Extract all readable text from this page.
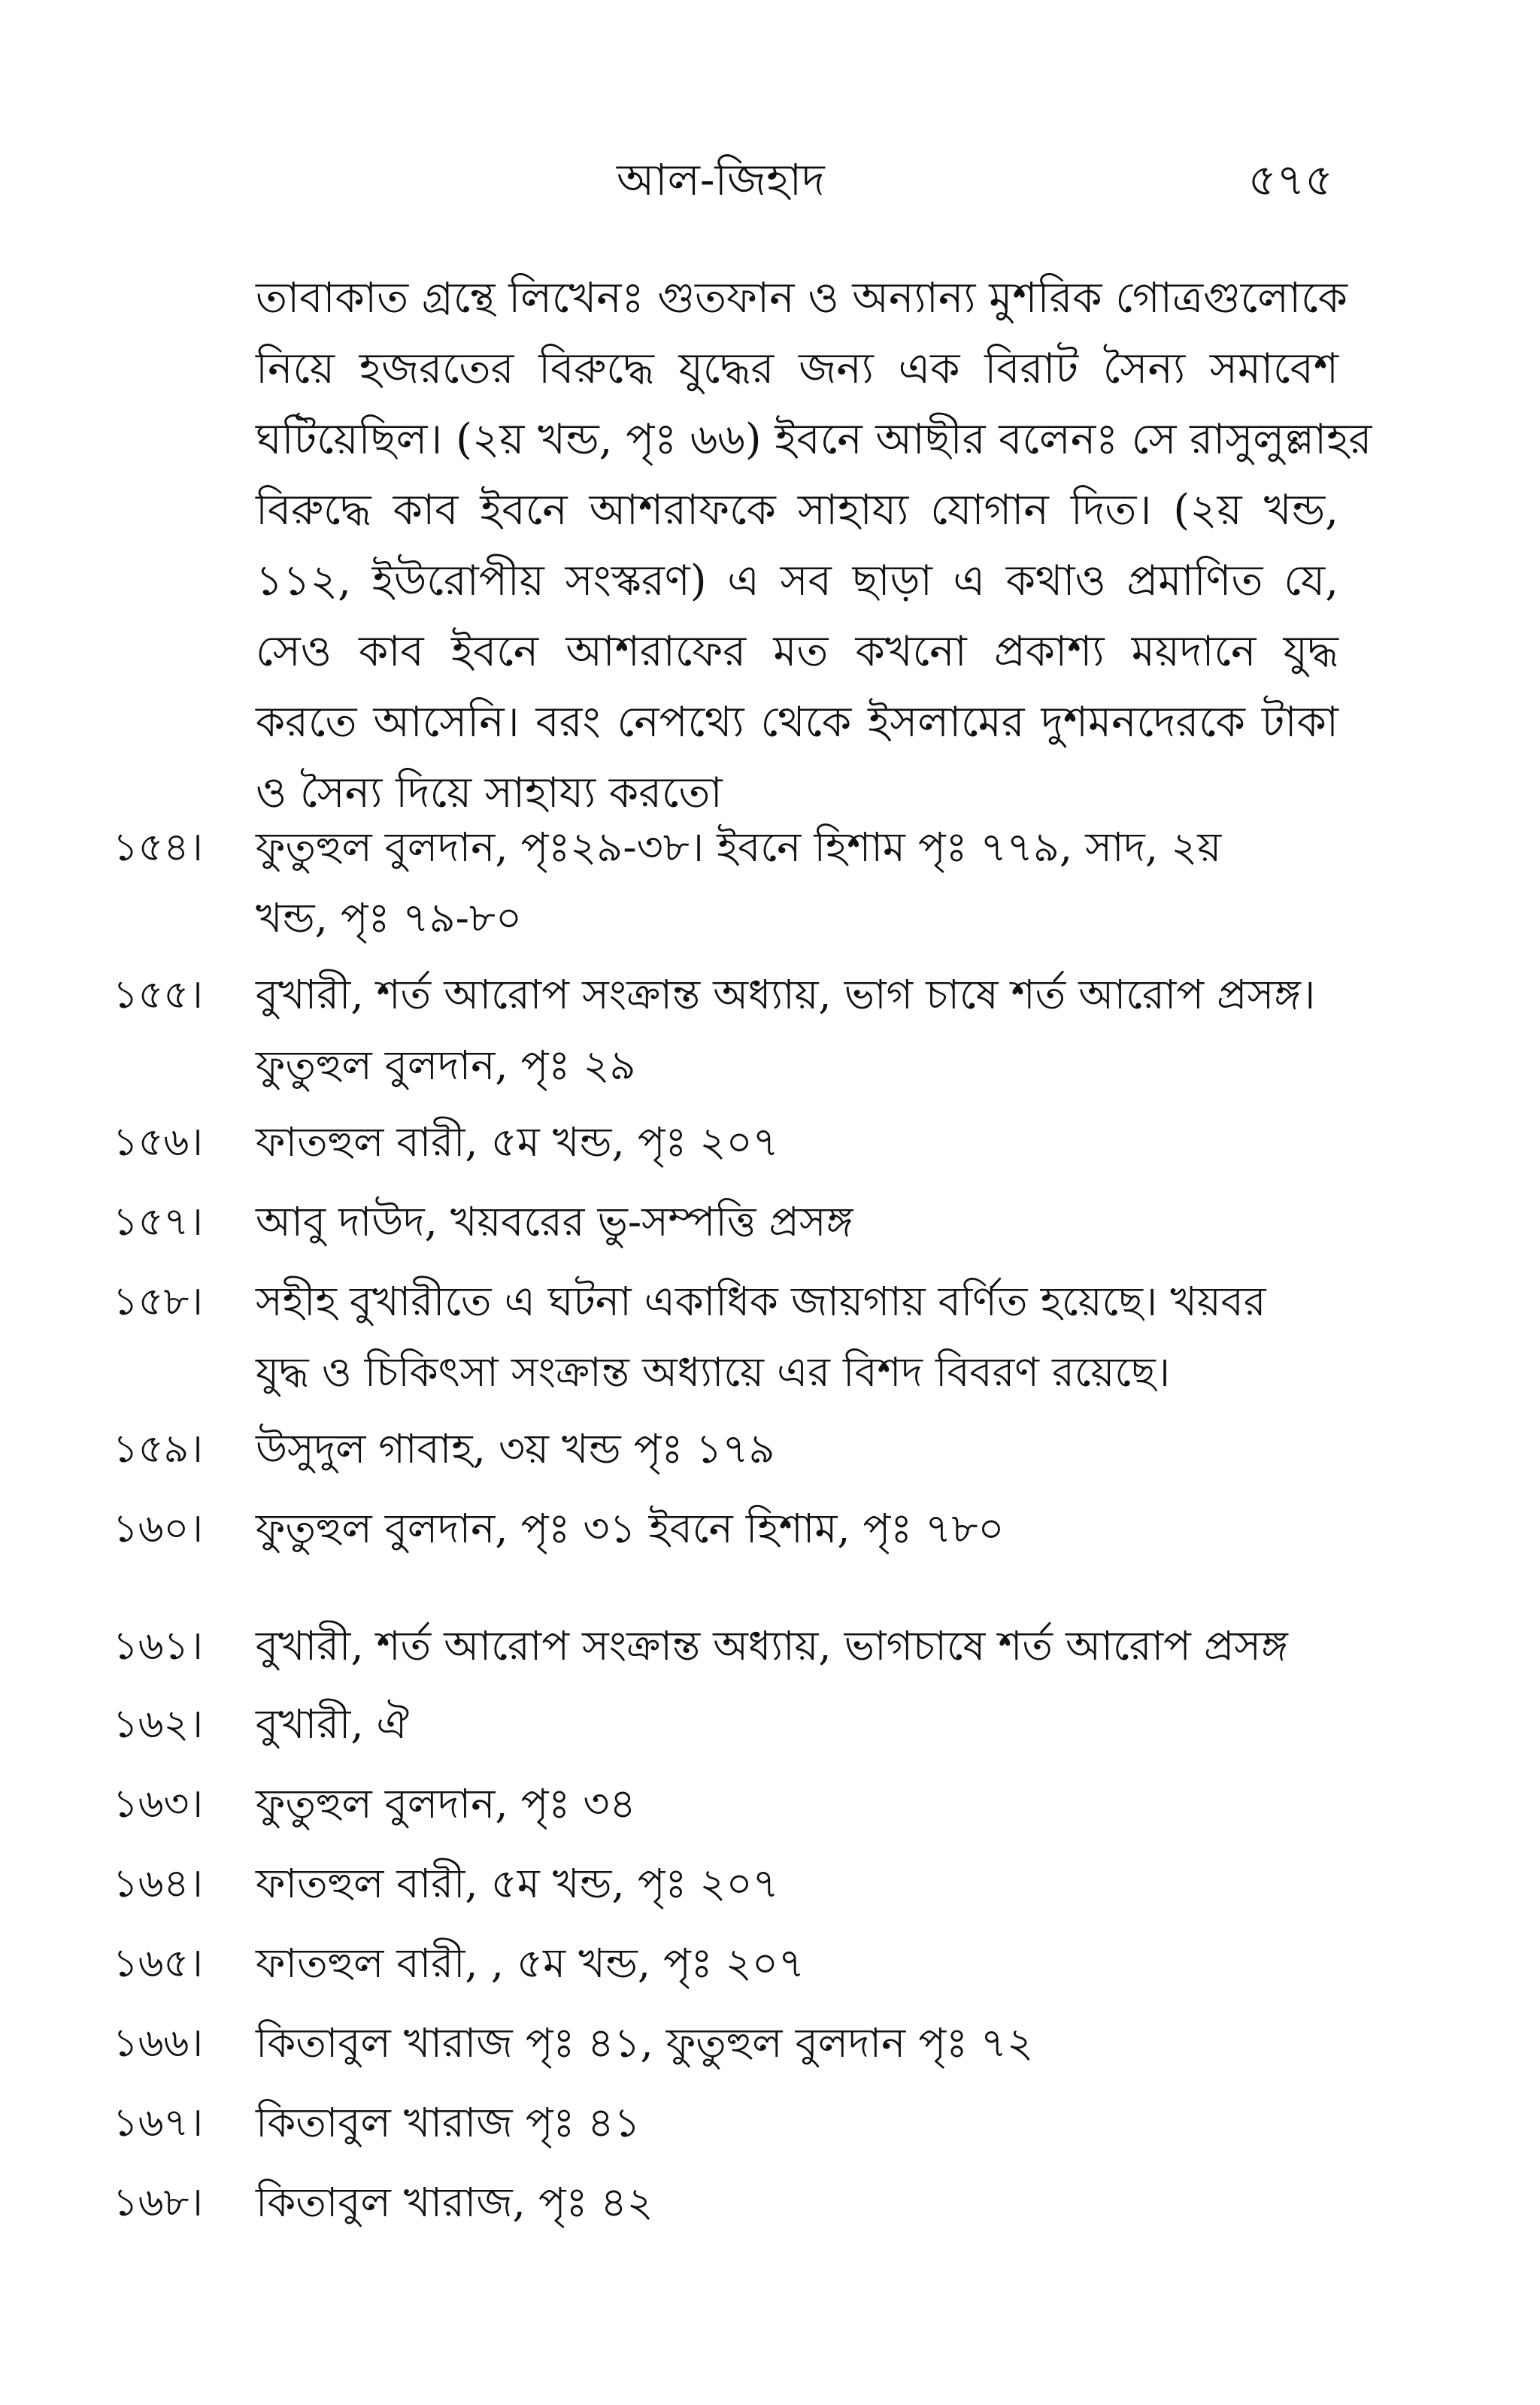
আল-জিহাদ	৫৭৫
তাবাকাত গ্রন্থে লিখেনঃ গুতফান ও অন্যান্য মুশরিক গোত্রগুলোকে
নিয়ে হজরতের বিরুদ্ধে যুদ্ধের জন্য এক বিরাট সৈন্য সমাবেশ
ঘটিয়েছিল। (২য় খন্ড, পৃঃ ৬৬) ইবনে আছীর বলেনঃ সে রাসুলুল্লাহর
বিরুদ্ধে কাব ইবনে আশরাফকে সাহায্য যোগান দিত। (২য় খন্ড,
১১২, ইউরোপীয় সংস্করণ) এ সব ছাড়া এ কথাও প্রমাণিত যে,
সেও কাব ইবনে আশরাফের মত কখনো প্রকাশ্য ময়দানে যুদ্ধ
করতে আসেনি। বরং নেপথ্যে থেকে ইসলামের দুশমনদেরকে টাকা
ও সৈন্য দিয়ে সাহায্য করতো
১৫৪।	ফুতুহুল বুলদান, পৃঃ২৯-৩৮। ইবনে হিশাম পৃঃ ৭৭৯, সাদ, ২য়
খন্ড, পৃঃ ৭৯-৮০
১৫৫।	বুখারী, শর্ত আরোপ সংক্রান্ত অধ্যায়, ভাগ চাষে শর্ত আরোপ প্রসঙ্গ।
ফুতুহুল বুলদান, পৃঃ ২৯
১৫৬।	ফাতহুল বারী, ৫ম খন্ড, পৃঃ ২০৭
১৫৭।	আবু দাউদ, খয়বরের ভু-সম্পত্তি প্রসঙ্গ
১৫৮।	সহীহ বুখারীতে এ ঘটনা একাধিক জায়গায় বর্ণিত হয়েছে। খয়বর
যুদ্ধ ও চিকিৎসা সংক্রান্ত অধ্যায়ে এর বিশদ বিবরণ রয়েছে।
১৫৯।	উসুদুল গাবাহ, ৩য় খন্ড পৃঃ ১৭৯
১৬০।	ফুতুহুল বুলদান, পৃঃ ৩১ ইবনে হিশাম, পৃঃ ৭৮০
১৬১।	বুখারী, শর্ত আরোপ সংক্রান্ত অধ্যায়, ভাগচাষে শর্ত আরোপ প্রসঙ্গ
১৬২।	বুখারী, ঐ
১৬৩।	ফুতুহুল বুলদান, পৃঃ ৩৪
১৬৪।	ফাতহুল বারী, ৫ম খন্ড, পৃঃ ২০৭
১৬৫।	ফাতহুল বারী, , ৫ম খন্ড, পৃঃ ২০৭
১৬৬।	কিতাবুল খারাজ পৃঃ ৪১, ফুতুহুল বুলদান পৃঃ ৭২
১৬৭।	কিতাবুল খারাজ পৃঃ ৪১
১৬৮।	কিতাবুল খারাজ, পৃঃ ৪২
